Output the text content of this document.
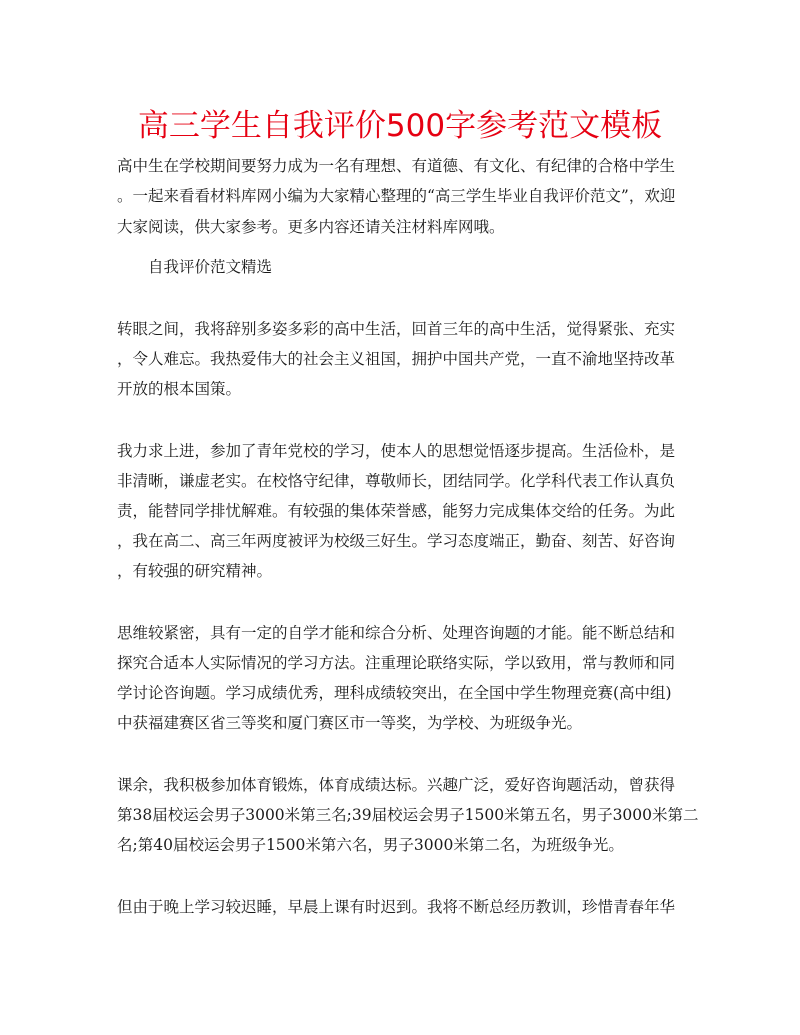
高三学生自我评价500字参考范文模板

高中生在学校期间要努力成为一名有理想、有道德、有文化、有纪律的合格中学生

。一起来看看材料库网小编为大家精心整理的“高三学生毕业自我评价范文”，欢迎

大家阅读，供大家参考。更多内容还请关注材料库网哦。

自我评价范文精选

转眼之间，我将辞别多姿多彩的高中生活，回首三年的高中生活，觉得紧张、充实

，令人难忘。我热爱伟大的社会主义祖国，拥护中国共产党，一直不渝地坚持改革

开放的根本国策。

我力求上进，参加了青年党校的学习，使本人的思想觉悟逐步提高。生活俭朴，是

非清晰，谦虚老实。在校恪守纪律，尊敬师长，团结同学。化学科代表工作认真负

责，能替同学排忧解难。有较强的集体荣誉感，能努力完成集体交给的任务。为此

，我在高二、高三年两度被评为校级三好生。学习态度端正，勤奋、刻苦、好咨询

，有较强的研究精神。

思维较紧密，具有一定的自学才能和综合分析、处理咨询题的才能。能不断总结和

探究合适本人实际情况的学习方法。注重理论联络实际，学以致用，常与教师和同

学讨论咨询题。学习成绩优秀，理科成绩较突出，在全国中学生物理竞赛(高中组)

中获福建赛区省三等奖和厦门赛区市一等奖，为学校、为班级争光。

课余，我积极参加体育锻炼，体育成绩达标。兴趣广泛，爱好咨询题活动，曾获得

第38届校运会男子3000米第三名;39届校运会男子1500米第五名，男子3000米第二

名;第40届校运会男子1500米第六名，男子3000米第二名，为班级争光。

但由于晚上学习较迟睡，早晨上课有时迟到。我将不断总经历教训，珍惜青春年华
